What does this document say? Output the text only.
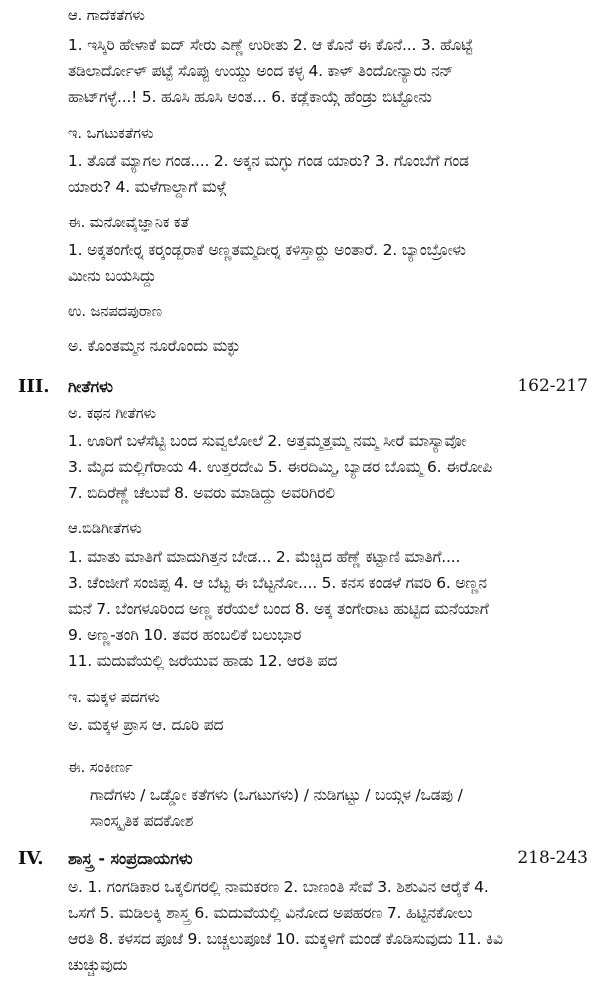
ಆ. ಗಾದೆಕತೆಗಳು
1. ಇಸ್ಕಿರಿ ಹೇಳಾಕೆ ಐದ್ ಸೇರು ಎಣ್ಣೆ ಉರೀತು 2. ಆ ಕೊನೆ ಈ ಕೊನೆ... 3. ಹೊಟ್ಟೆ
ತಡಿಲಾರ್ದೋಳ್ ಪಟ್ಟೆ ಸೊಪ್ಪು ಉಯ್ದು ಅಂದ ಕಳ್ಳ 4. ಕಾಳ್ ತಿಂದೋನ್ಯಾರು ನನ್
ಹಾಟ್‌ಗಳ್ಳೆ...! 5. ಹೂಸಿ ಹೂಸಿ ಅಂತ... 6. ಕಡ್ಲೆಕಾಯ್ಗೆ ಹೆಂಡ್ರು ಬಿಟ್ಟೋನು
ಇ. ಒಗಟುಕತೆಗಳು
1. ತೊಡೆ ಮ್ಯಾಗಲ ಗಂಡ.... 2. ಅಕ್ಕನ ಮಗ್ಳು ಗಂಡ ಯಾರು? 3. ಗೊಂಬೆಗೆ ಗಂಡ
ಯಾರು? 4. ಮಳೆಗಾಲ್ದಾಗೆ ಮಳ್ಗೆ
ಈ. ಮನೋವೈಜ್ಞಾನಿಕ ಕತೆ
1. ಅಕ್ಕತಂಗೇರ್‍ನ ಕರ್‍ಕಂಡ್ಬರಾಕೆ ಅಣ್ಣತಮ್ಮದೀರ್‍ನ ಕಳಿಸ್ತಾರ್‍ದು ಅಂತಾರೆ. 2. ಬ್ಯಾಂಬ್ರೋಳು
ಮೀನು ಬಯಸಿದ್ದು
ಉ. ಜನಪದಪುರಾಣ
ಅ. ಕೊಂತಮ್ಮನ ನೂರೊಂದು ಮಕ್ಳು
III. ಗೀತೆಗಳು	162-217
ಅ. ಕಥನ ಗೀತೆಗಳು
1. ಊರಿಗೆ ಬಳೆಸೆಟ್ಟಿ ಬಂದ ಸುವ್ವಲೋಲೆ 2. ಅತ್ತಮ್ಮತ್ತಮ್ಮ ನಮ್ಮ ಸೀರೆ ಮಾಸ್ಯಾವೋ
3. ಮೈದ ಮಲ್ಲಿಗೆರಾಯ 4. ಉತ್ತರದೇವಿ 5. ಈರದಿಮ್ಮಿ, ಬ್ಯಾಡರ ಬೊಮ್ಮ 6. ಈರೋಪಿ
7. ಬಿದಿರೆಣ್ಣೆ ಚೆಲುವೆ 8. ಅವರು ಮಾಡಿದ್ದು ಅವರಿಗಿರಲಿ
ಆ.ಬಿಡಿಗೀತೆಗಳು
1. ಮಾತು ಮಾತಿಗೆ ಮಾದುಗಿತ್ತನ ಬೇಡ... 2. ಮೆಚ್ಚಿದ ಹೆಣ್ಣೆ ಕಟ್ಟಾಣಿ ಮಾತಿಗೆ....
3. ಚೆಂಜೀಗೆ ಸಂಜಿಪ್ಪ 4. ಆ ಬೆಟ್ಟ ಈ ಬೆಟ್ಟನೋ.... 5. ಕನಸ ಕಂಡಳೆ ಗವರಿ 6. ಅಣ್ಣನ
ಮನೆ 7. ಬೆಂಗಳೂರಿಂದ ಅಣ್ಣ ಕರೆಯಲೆ ಬಂದ 8. ಅಕ್ಕ ತಂಗೇರಾಟ ಹುಟ್ಟಿದ ಮನೆಯಾಗೆ
9. ಅಣ್ಣ-ತಂಗಿ 10. ತವರ ಹಂಬಲಿಕೆ ಬಲುಭಾರ
11. ಮದುವೆಯಲ್ಲಿ ಜರೆಯುವ ಹಾಡು 12. ಆರತಿ ಪದ
ಇ. ಮಕ್ಕಳ ಪದಗಳು
ಅ. ಮಕ್ಕಳ ಪ್ರಾಸ ಆ. ದೂರಿ ಪದ
ಈ. ಸಂಕೀರ್ಣ
ಗಾದೆಗಳು / ಒಡ್ಡೋ ಕತೆಗಳು (ಒಗಟುಗಳು) / ನುಡಿಗಟ್ಟು / ಬಯ್ಗಳ /ಒಡಪು /
ಸಾಂಸ್ಕೃತಿಕ ಪದಕೋಶ
IV. ಶಾಸ್ತ್ರ - ಸಂಪ್ರದಾಯಗಳು	218-243
ಅ. 1. ಗಂಗಡಿಕಾರ ಒಕ್ಕಲಿಗರಲ್ಲಿ ನಾಮಕರಣ 2. ಬಾಣಂತಿ ಸೇವೆ 3. ಶಿಶುವಿನ ಆರೈಕೆ 4.
ಒಸಗೆ 5. ಮಡಿಲಕ್ಕಿ ಶಾಸ್ತ್ರ 6. ಮದುವೆಯಲ್ಲಿ ವಿನೋದ ಅಪಹರಣ 7. ಹಿಟ್ಟಿನಕೋಲು
ಆರತಿ 8. ಕಳಸದ ಪೂಜೆ 9. ಬಚ್ಚಲುಪೂಜೆ 10. ಮಕ್ಕಳಿಗೆ ಮಂಡೆ ಕೊಡಿಸುವುದು 11. ಕಿವಿ
ಚುಚ್ಚುವುದು
